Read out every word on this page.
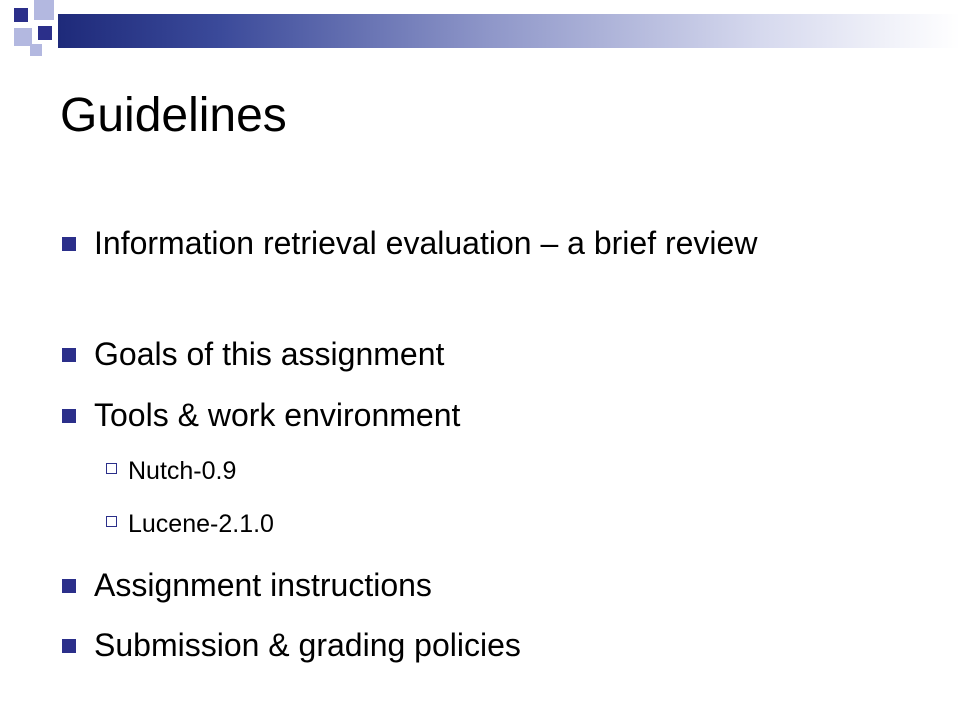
Guidelines
Information retrieval evaluation – a brief review
Goals of this assignment
Tools & work environment
Nutch-0.9
Lucene-2.1.0
Assignment instructions
Submission & grading policies
